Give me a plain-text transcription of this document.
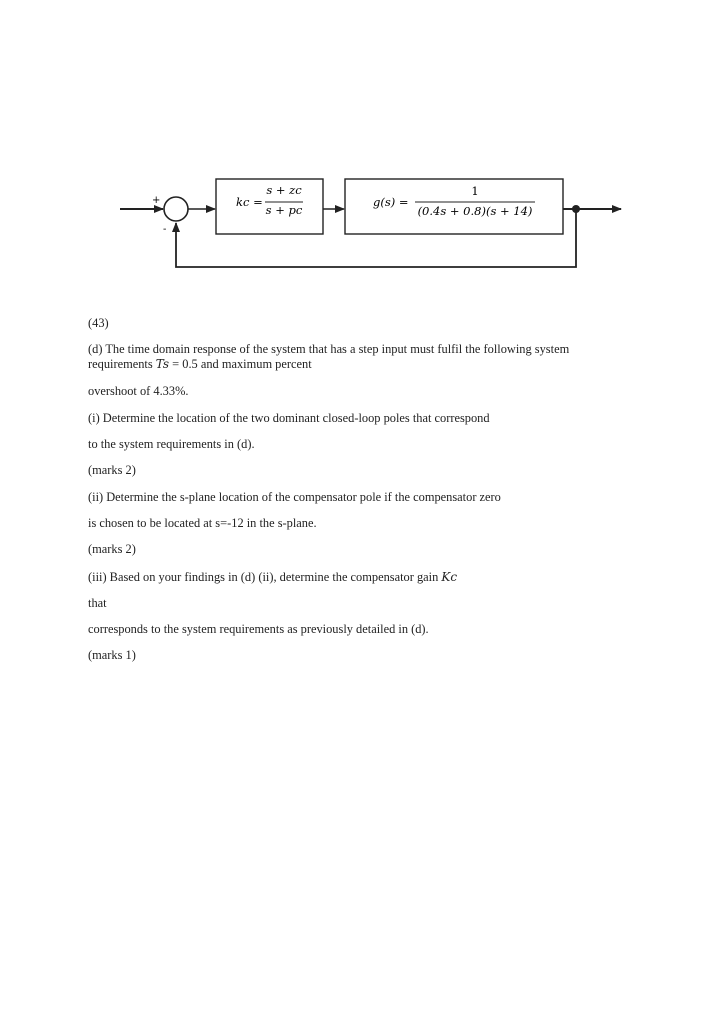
+
-
kc =
s + zc
s + pc
g(s) =
1
(0.4s + 0.8)(s + 14)
(43)
(d) The time domain response of the system that has a step input must fulfil the following system requirements Ts = 0.5 and maximum percent
overshoot of 4.33%.
(i) Determine the location of the two dominant closed-loop poles that correspond
to the system requirements in (d).
(marks 2)
(ii) Determine the s-plane location of the compensator pole if the compensator zero
is chosen to be located at s=-12 in the s-plane.
(marks 2)
(iii) Based on your findings in (d) (ii), determine the compensator gain Kc
that
corresponds to the system requirements as previously detailed in (d).
(marks 1)
